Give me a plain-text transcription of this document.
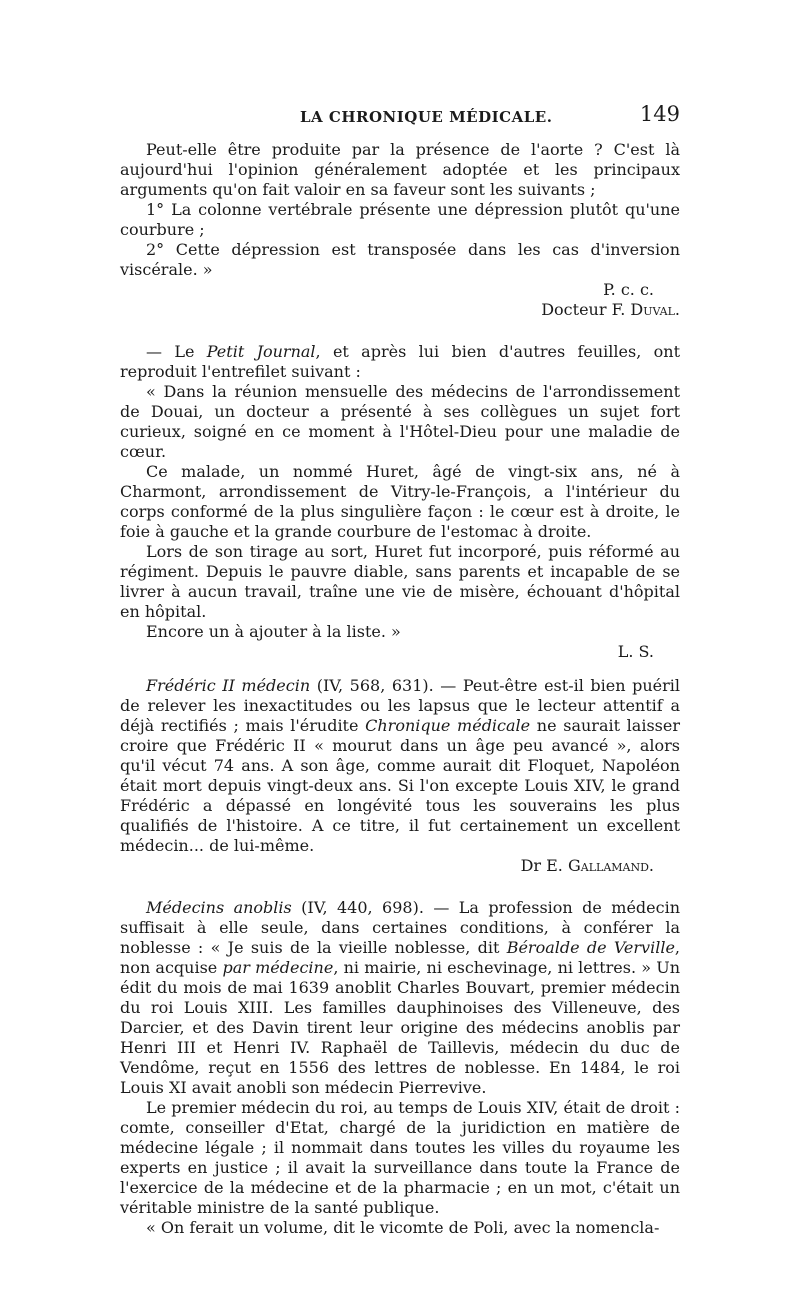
LA CHRONIQUE MÉDICALE.	149

Peut-elle être produite par la présence de l'aorte ? C'est là aujourd'hui l'opinion généralement adoptée et les principaux arguments qu'on fait valoir en sa faveur sont les suivants ;

1° La colonne vertébrale présente une dépression plutôt qu'une courbure ;

2° Cette dépression est transposée dans les cas d'inversion viscérale. »

P. c. c.

Docteur F. Duval.

— Le Petit Journal, et après lui bien d'autres feuilles, ont reproduit l'entrefilet suivant :

« Dans la réunion mensuelle des médecins de l'arrondissement de Douai, un docteur a présenté à ses collègues un sujet fort curieux, soigné en ce moment à l'Hôtel-Dieu pour une maladie de cœur.

Ce malade, un nommé Huret, âgé de vingt-six ans, né à Charmont, arrondissement de Vitry-le-François, a l'intérieur du corps conformé de la plus singulière façon : le cœur est à droite, le foie à gauche et la grande courbure de l'estomac à droite.

Lors de son tirage au sort, Huret fut incorporé, puis réformé au régiment. Depuis le pauvre diable, sans parents et incapable de se livrer à aucun travail, traîne une vie de misère, échouant d'hôpital en hôpital.

Encore un à ajouter à la liste. »

L. S.

Frédéric II médecin (IV, 568, 631). — Peut-être est-il bien puéril de relever les inexactitudes ou les lapsus que le lecteur attentif a déjà rectifiés ; mais l'érudite Chronique médicale ne saurait laisser croire que Frédéric II « mourut dans un âge peu avancé », alors qu'il vécut 74 ans. A son âge, comme aurait dit Floquet, Napoléon était mort depuis vingt-deux ans. Si l'on excepte Louis XIV, le grand Frédéric a dépassé en longévité tous les souverains les plus qualifiés de l'histoire. A ce titre, il fut certainement un excellent médecin... de lui-même.

Dr E. Gallamand.

Médecins anoblis (IV, 440, 698). — La profession de médecin suffisait à elle seule, dans certaines conditions, à conférer la noblesse : « Je suis de la vieille noblesse, dit Béroalde de Verville, non acquise par médecine, ni mairie, ni eschevinage, ni lettres. » Un édit du mois de mai 1639 anoblit Charles Bouvart, premier médecin du roi Louis XIII. Les familles dauphinoises des Villeneuve, des Darcier, et des Davin tirent leur origine des médecins anoblis par Henri III et Henri IV. Raphaël de Taillevis, médecin du duc de Vendôme, reçut en 1556 des lettres de noblesse. En 1484, le roi Louis XI avait anobli son médecin Pierrevive.

Le premier médecin du roi, au temps de Louis XIV, était de droit : comte, conseiller d'Etat, chargé de la juridiction en matière de médecine légale ; il nommait dans toutes les villes du royaume les experts en justice ; il avait la surveillance dans toute la France de l'exercice de la médecine et de la pharmacie ; en un mot, c'était un véritable ministre de la santé publique.

« On ferait un volume, dit le vicomte de Poli, avec la nomencla-
